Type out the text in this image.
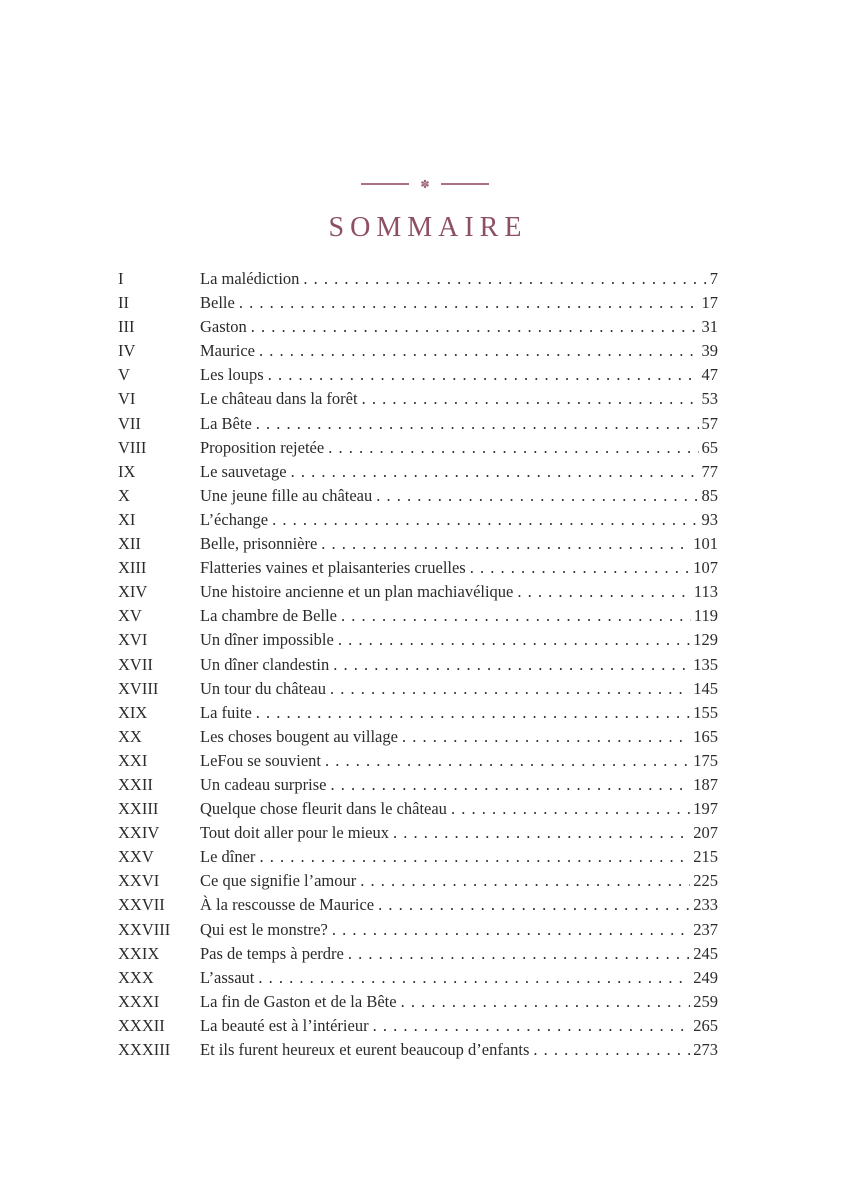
✽
SOMMAIRE
I	La malédiction . . .	7
II	Belle . . .	17
III	Gaston . . .	31
IV	Maurice . . .	39
V	Les loups . . .	47
VI	Le château dans la forêt . . .	53
VII	La Bête . . .	57
VIII	Proposition rejetée . . .	65
IX	Le sauvetage . . .	77
X	Une jeune fille au château . . .	85
XI	L’échange . . .	93
XII	Belle, prisonnière . . .	101
XIII	Flatteries vaines et plaisanteries cruelles . . .	107
XIV	Une histoire ancienne et un plan machiavélique . . .	113
XV	La chambre de Belle . . .	119
XVI	Un dîner impossible . . .	129
XVII	Un dîner clandestin . . .	135
XVIII	Un tour du château . . .	145
XIX	La fuite . . .	155
XX	Les choses bougent au village . . .	165
XXI	LeFou se souvient . . .	175
XXII	Un cadeau surprise . . .	187
XXIII	Quelque chose fleurit dans le château . . .	197
XXIV	Tout doit aller pour le mieux . . .	207
XXV	Le dîner . . .	215
XXVI	Ce que signifie l’amour . . .	225
XXVII	À la rescousse de Maurice . . .	233
XXVIII	Qui est le monstre? . . .	237
XXIX	Pas de temps à perdre . . .	245
XXX	L’assaut . . .	249
XXXI	La fin de Gaston et de la Bête . . .	259
XXXII	La beauté est à l’intérieur . . .	265
XXXIII	Et ils furent heureux et eurent beaucoup d’enfants . . .	273
